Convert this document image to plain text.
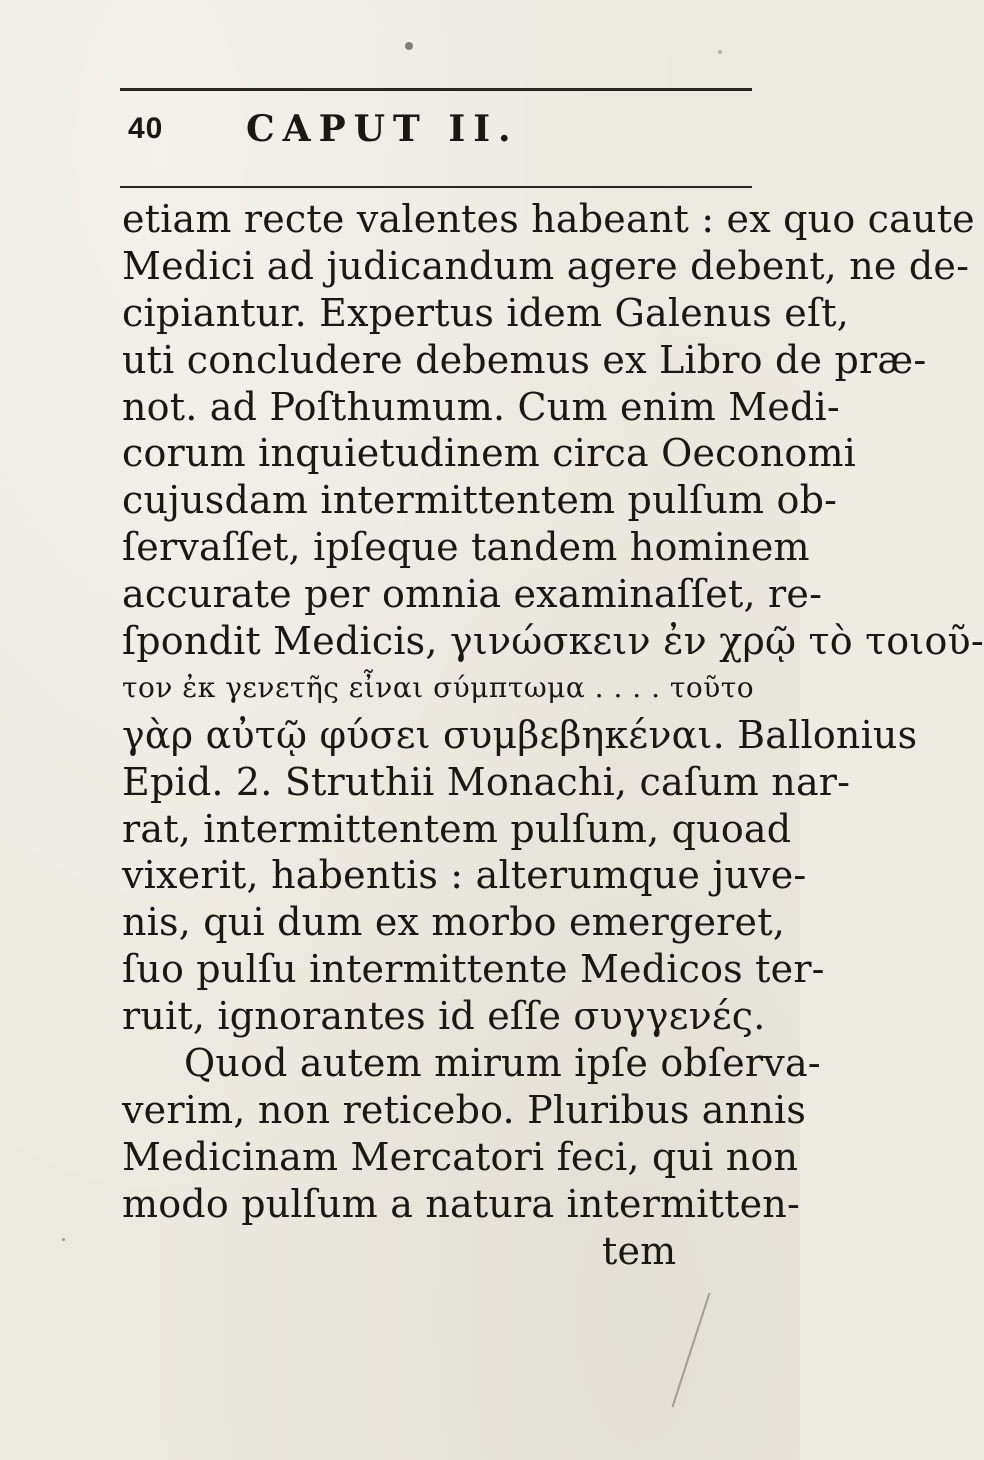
40 CAPUT II.
etiam recte valentes habeant : ex quo caute
Medici ad judicandum agere debent, ne de-
cipiantur. Expertus idem Galenus eſt,
uti concludere debemus ex Libro de præ-
not. ad Poſthumum. Cum enim Medi-
corum inquietudinem circa Oeconomi
cujusdam intermittentem pulſum ob-
ſervaſſet, ipſeque tandem hominem
accurate per omnia examinaſſet, re-
ſpondit Medicis, γινώσκειν ἐν χρῷ τὸ τοιοῦ-
τον ἐκ γενετῆς εἶναι σύμπτωμα . . . . τοῦτο
γὰρ αὐτῷ φύσει συμβεβηκέναι. Ballonius
Epid. 2. Struthii Monachi, caſum nar-
rat, intermittentem pulſum, quoad
vixerit, habentis : alterumque juve-
nis, qui dum ex morbo emergeret,
ſuo pulſu intermittente Medicos ter-
ruit, ignorantes id eſſe συγγενές.
Quod autem mirum ipſe obſerva-
verim, non reticebo. Pluribus annis
Medicinam Mercatori feci, qui non
modo pulſum a natura intermitten-
tem
